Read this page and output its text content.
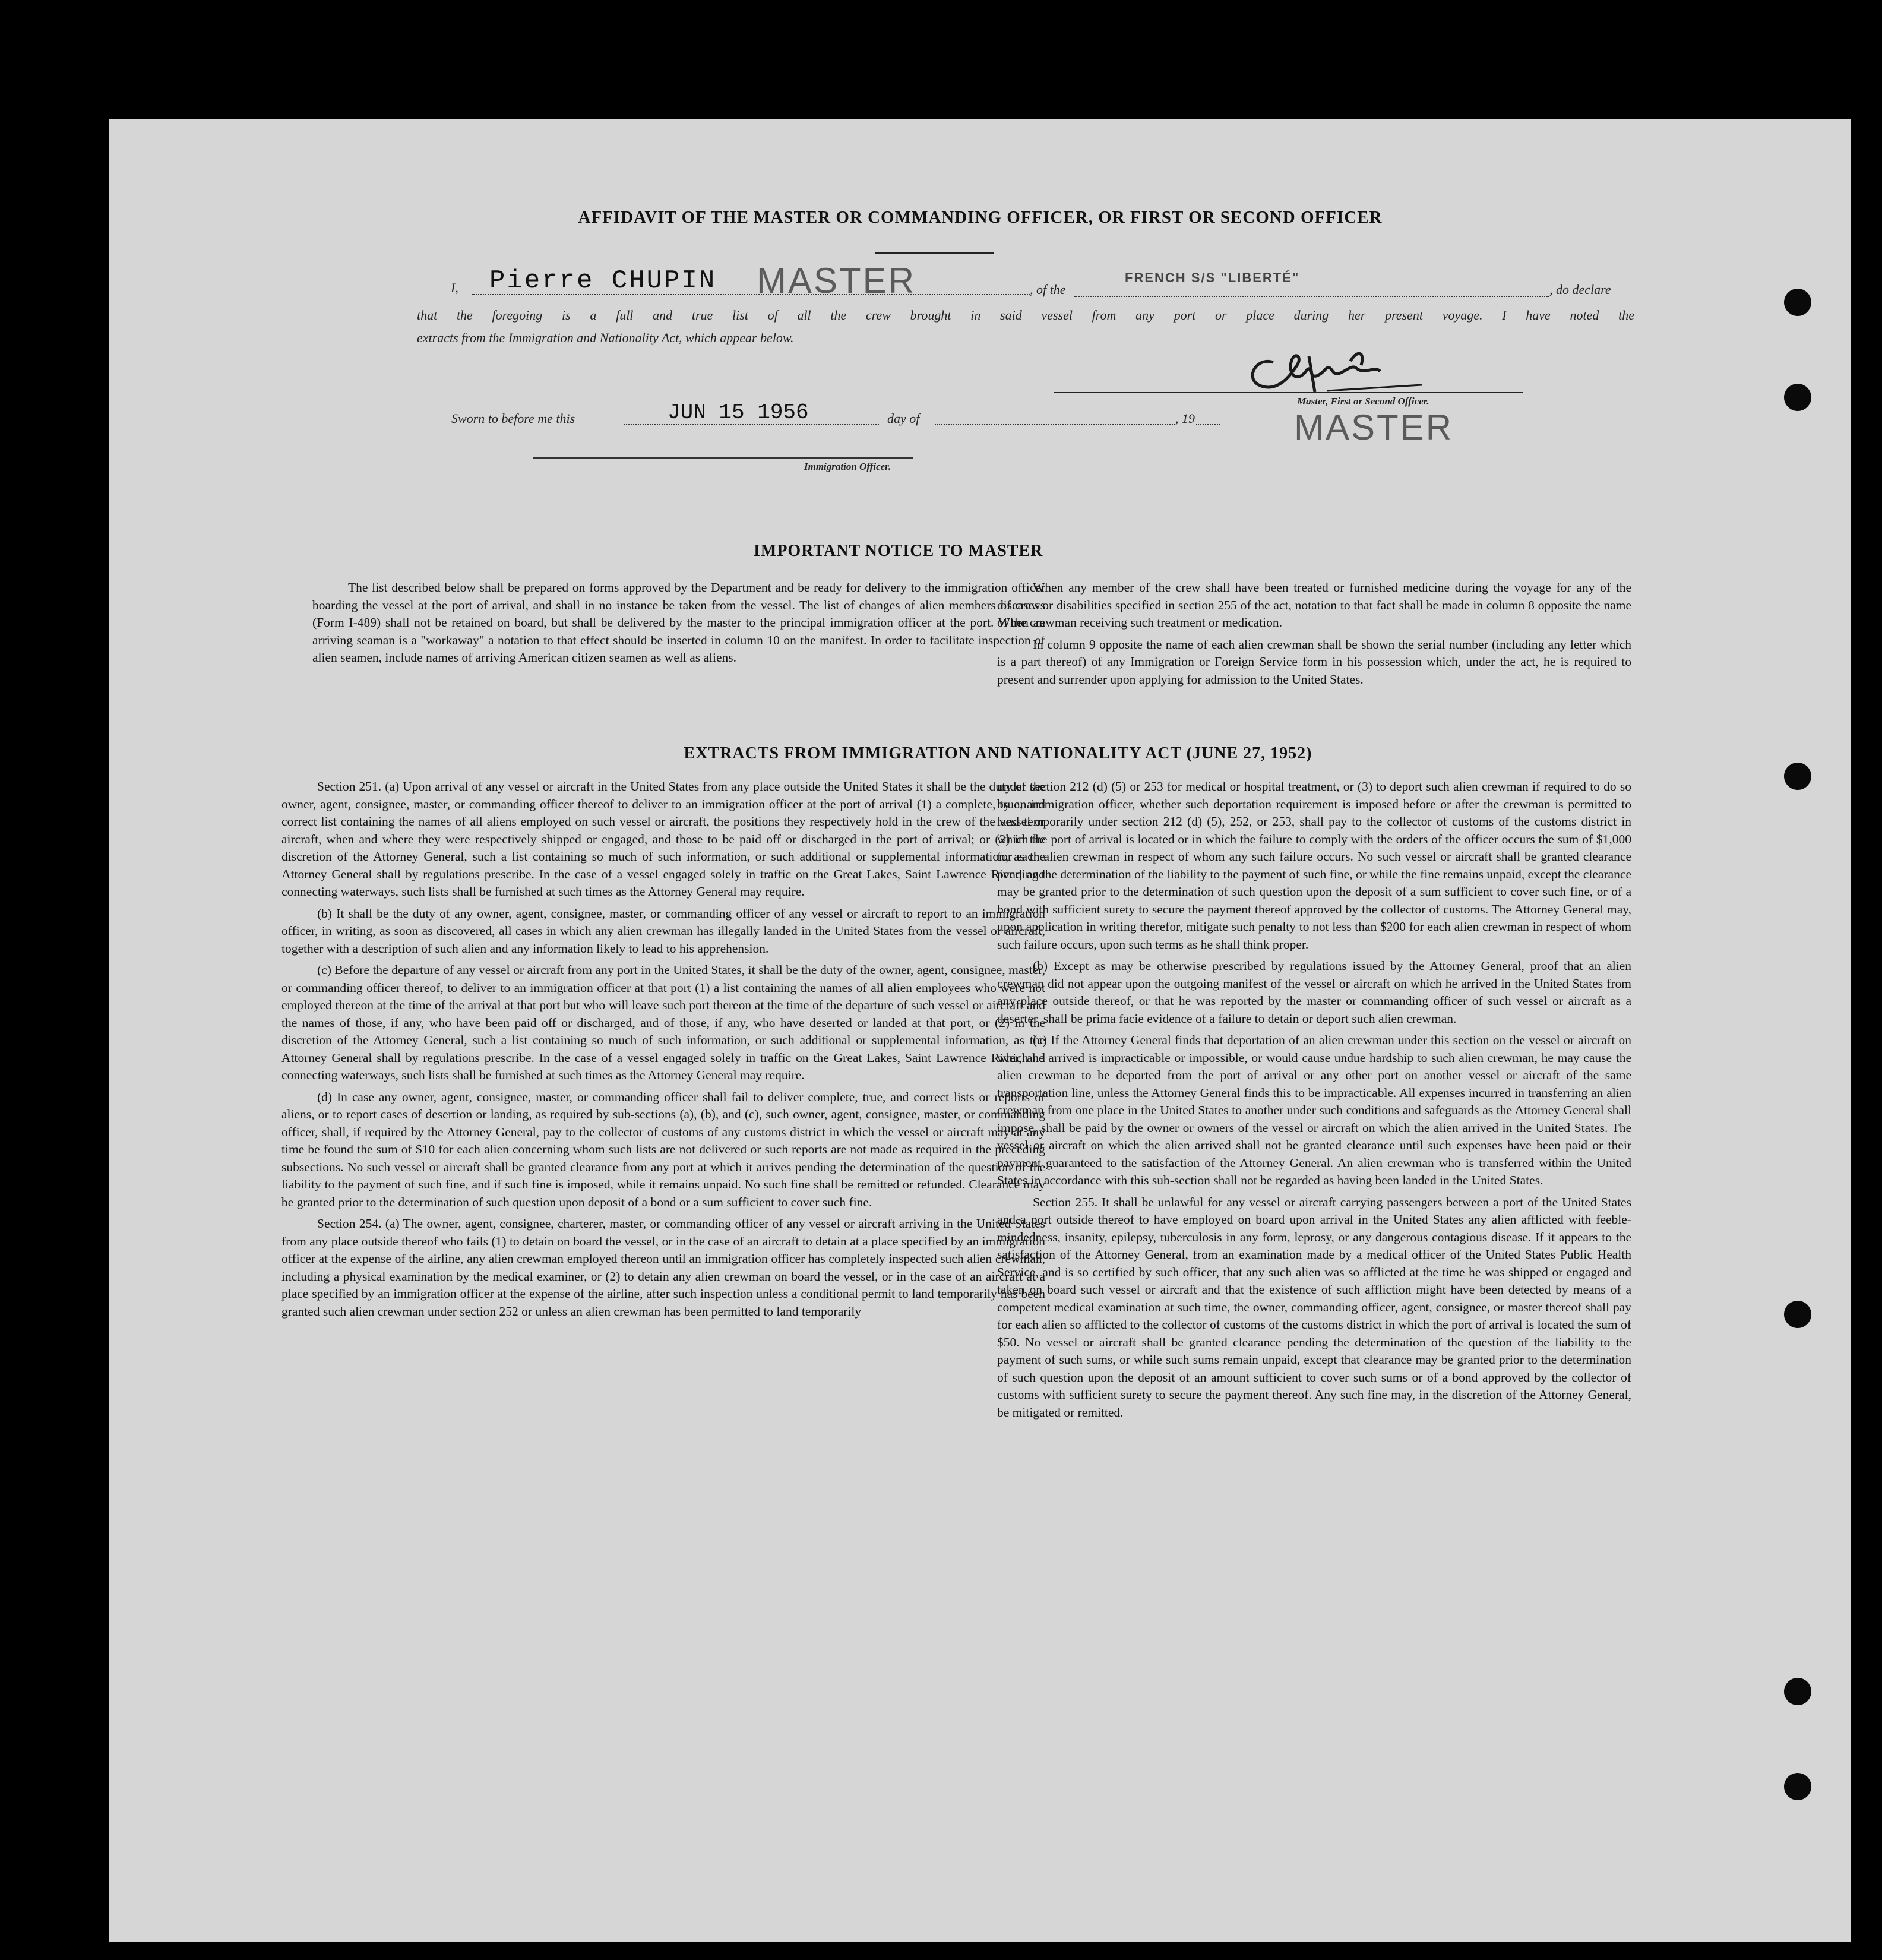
AFFIDAVIT OF THE MASTER OR COMMANDING OFFICER, OR FIRST OR SECOND OFFICER
I, Pierre CHUPIN MASTER	, of the
FRENCH S/S "LIBERTÉ"
, do declare
that the foregoing is a full and true list of all the crew brought in said vessel from any port or place during her present voyage. I have noted the
extracts from the Immigration and Nationality Act, which appear below.
Master, First or Second Officer.
MASTER
Sworn to before me this	JUN 15 1956	day of	, 19
Immigration Officer.
IMPORTANT NOTICE TO MASTER

The list described below shall be prepared on forms approved by the Department and be ready for delivery to the immigration officer boarding the vessel at the port of arrival, and shall in no instance be taken from the vessel. The list of changes of alien members of crews (Form I-489) shall not be retained on board, but shall be delivered by the master to the principal immigration officer at the port. When an arriving seaman is a "workaway" a notation to that effect should be inserted in column 10 on the manifest. In order to facilitate inspection of alien seamen, include names of arriving American citizen seamen as well as aliens.

When any member of the crew shall have been treated or furnished medicine during the voyage for any of the diseases or disabilities specified in section 255 of the act, notation to that fact shall be made in column 8 opposite the name of the crewman receiving such treatment or medication.

In column 9 opposite the name of each alien crewman shall be shown the serial number (including any letter which is a part thereof) of any Immigration or Foreign Service form in his possession which, under the act, he is required to present and surrender upon applying for admission to the United States.

EXTRACTS FROM IMMIGRATION AND NATIONALITY ACT (JUNE 27, 1952)

Section 251. (a) Upon arrival of any vessel or aircraft in the United States from any place outside the United States it shall be the duty of the owner, agent, consignee, master, or commanding officer thereof to deliver to an immigration officer at the port of arrival (1) a complete, true, and correct list containing the names of all aliens employed on such vessel or aircraft, the positions they respectively hold in the crew of the vessel or aircraft, when and where they were respectively shipped or engaged, and those to be paid off or discharged in the port of arrival; or (2) in the discretion of the Attorney General, such a list containing so much of such information, or such additional or supplemental information, as the Attorney General shall by regulations prescribe. In the case of a vessel engaged solely in traffic on the Great Lakes, Saint Lawrence River, and connecting waterways, such lists shall be furnished at such times as the Attorney General may require.

(b) It shall be the duty of any owner, agent, consignee, master, or commanding officer of any vessel or aircraft to report to an immigration officer, in writing, as soon as discovered, all cases in which any alien crewman has illegally landed in the United States from the vessel or aircraft, together with a description of such alien and any information likely to lead to his apprehension.

(c) Before the departure of any vessel or aircraft from any port in the United States, it shall be the duty of the owner, agent, consignee, master, or commanding officer thereof, to deliver to an immigration officer at that port (1) a list containing the names of all alien employees who were not employed thereon at the time of the arrival at that port but who will leave such port thereon at the time of the departure of such vessel or aircraft and the names of those, if any, who have been paid off or discharged, and of those, if any, who have deserted or landed at that port, or (2) in the discretion of the Attorney General, such a list containing so much of such information, or such additional or supplemental information, as the Attorney General shall by regulations prescribe. In the case of a vessel engaged solely in traffic on the Great Lakes, Saint Lawrence River, and connecting waterways, such lists shall be furnished at such times as the Attorney General may require.

(d) In case any owner, agent, consignee, master, or commanding officer shall fail to deliver complete, true, and correct lists or reports of aliens, or to report cases of desertion or landing, as required by sub-sections (a), (b), and (c), such owner, agent, consignee, master, or commanding officer, shall, if required by the Attorney General, pay to the collector of customs of any customs district in which the vessel or aircraft may at any time be found the sum of $10 for each alien concerning whom such lists are not delivered or such reports are not made as required in the preceding subsections. No such vessel or aircraft shall be granted clearance from any port at which it arrives pending the determination of the question of the liability to the payment of such fine, and if such fine is imposed, while it remains unpaid. No such fine shall be remitted or refunded. Clearance may be granted prior to the determination of such question upon deposit of a bond or a sum sufficient to cover such fine.

Section 254. (a) The owner, agent, consignee, charterer, master, or commanding officer of any vessel or aircraft arriving in the United States from any place outside thereof who fails (1) to detain on board the vessel, or in the case of an aircraft to detain at a place specified by an immigration officer at the expense of the airline, any alien crewman employed thereon until an immigration officer has completely inspected such alien crewman, including a physical examination by the medical examiner, or (2) to detain any alien crewman on board the vessel, or in the case of an aircraft at a place specified by an immigration officer at the expense of the airline, after such inspection unless a conditional permit to land temporarily has been granted such alien crewman under section 252 or unless an alien crewman has been permitted to land temporarily

under section 212 (d) (5) or 253 for medical or hospital treatment, or (3) to deport such alien crewman if required to do so by an immigration officer, whether such deportation requirement is imposed before or after the crewman is permitted to land temporarily under section 212 (d) (5), 252, or 253, shall pay to the collector of customs of the customs district in which the port of arrival is located or in which the failure to comply with the orders of the officer occurs the sum of $1,000 for each alien crewman in respect of whom any such failure occurs. No such vessel or aircraft shall be granted clearance pending the determination of the liability to the payment of such fine, or while the fine remains unpaid, except the clearance may be granted prior to the determination of such question upon the deposit of a sum sufficient to cover such fine, or of a bond with sufficient surety to secure the payment thereof approved by the collector of customs. The Attorney General may, upon application in writing therefor, mitigate such penalty to not less than $200 for each alien crewman in respect of whom such failure occurs, upon such terms as he shall think proper.

(b) Except as may be otherwise prescribed by regulations issued by the Attorney General, proof that an alien crewman did not appear upon the outgoing manifest of the vessel or aircraft on which he arrived in the United States from any place outside thereof, or that he was reported by the master or commanding officer of such vessel or aircraft as a deserter, shall be prima facie evidence of a failure to detain or deport such alien crewman.

(c) If the Attorney General finds that deportation of an alien crewman under this section on the vessel or aircraft on which he arrived is impracticable or impossible, or would cause undue hardship to such alien crewman, he may cause the alien crewman to be deported from the port of arrival or any other port on another vessel or aircraft of the same transportation line, unless the Attorney General finds this to be impracticable. All expenses incurred in transferring an alien crewman from one place in the United States to another under such conditions and safeguards as the Attorney General shall impose, shall be paid by the owner or owners of the vessel or aircraft on which the alien arrived in the United States. The vessel or aircraft on which the alien arrived shall not be granted clearance until such expenses have been paid or their payment guaranteed to the satisfaction of the Attorney General. An alien crewman who is transferred within the United States in accordance with this sub-section shall not be regarded as having been landed in the United States.

Section 255. It shall be unlawful for any vessel or aircraft carrying passengers between a port of the United States and a port outside thereof to have employed on board upon arrival in the United States any alien afflicted with feeble-mindedness, insanity, epilepsy, tuberculosis in any form, leprosy, or any dangerous contagious disease. If it appears to the satisfaction of the Attorney General, from an examination made by a medical officer of the United States Public Health Service, and is so certified by such officer, that any such alien was so afflicted at the time he was shipped or engaged and taken on board such vessel or aircraft and that the existence of such affliction might have been detected by means of a competent medical examination at such time, the owner, commanding officer, agent, consignee, or master thereof shall pay for each alien so afflicted to the collector of customs of the customs district in which the port of arrival is located the sum of $50. No vessel or aircraft shall be granted clearance pending the determination of the question of the liability to the payment of such sums, or while such sums remain unpaid, except that clearance may be granted prior to the determination of such question upon the deposit of an amount sufficient to cover such sums or of a bond approved by the collector of customs with sufficient surety to secure the payment thereof. Any such fine may, in the discretion of the Attorney General, be mitigated or remitted.
